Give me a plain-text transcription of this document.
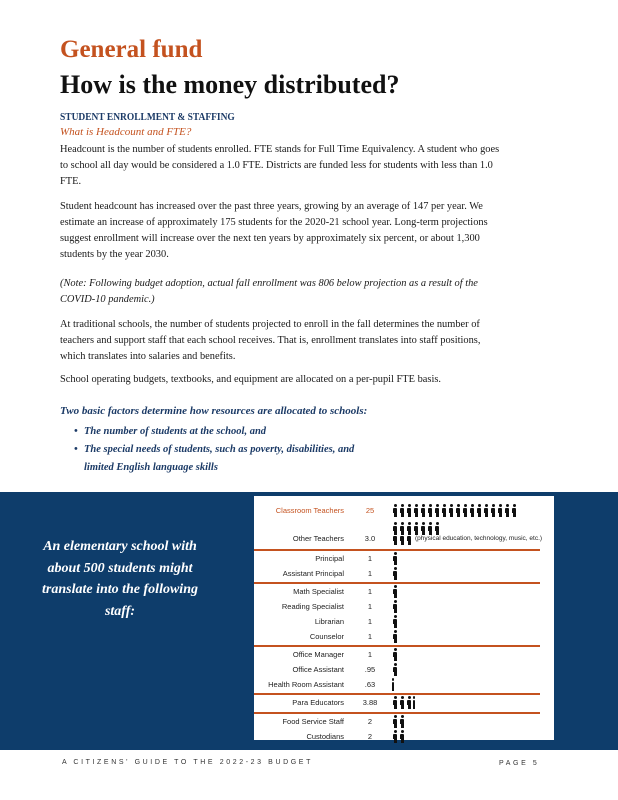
General fund
How is the money distributed?
STUDENT ENROLLMENT & STAFFING
What is Headcount and FTE?

Headcount is the number of students enrolled. FTE stands for Full Time Equivalency. A student who goes to school all day would be considered a 1.0 FTE. Districts are funded less for students with less than 1.0 FTE.

Student headcount has increased over the past three years, growing by an average of 147 per year. We estimate an increase of approximately 175 students for the 2020-21 school year. Long-term projections suggest enrollment will increase over the next ten years by approximately six percent, or about 1,300 students by the year 2030.

(Note: Following budget adoption, actual fall enrollment was 806 below projection as a result of the COVID-10 pandemic.)

At traditional schools, the number of students projected to enroll in the fall determines the number of teachers and support staff that each school receives. That is, enrollment translates into staff positions, which translates into salaries and benefits.

School operating budgets, textbooks, and equipment are allocated on a per-pupil FTE basis.

Two basic factors determine how resources are allocated to schools:
• The number of students at the school, and
• The special needs of students, such as poverty, disabilities, and limited English language skills
An elementary school with about 500 students might translate into the following staff:
Classroom Teachers	25

Other Teachers	3.0	$^{(physical education, technology, music, etc.)}$
Principal	1
Assistant Principal	1
Math Specialist	1
Reading Specialist	1
Librarian	1
Counselor	1
Office Manager	1
Office Assistant	.95
Health Room Assistant	.63
Para Educators 3.88
Food Service Staff	2
Custodians	2
A CITIZENS' GUIDE TO THE 2022-23 BUDGET	PAGE 5
